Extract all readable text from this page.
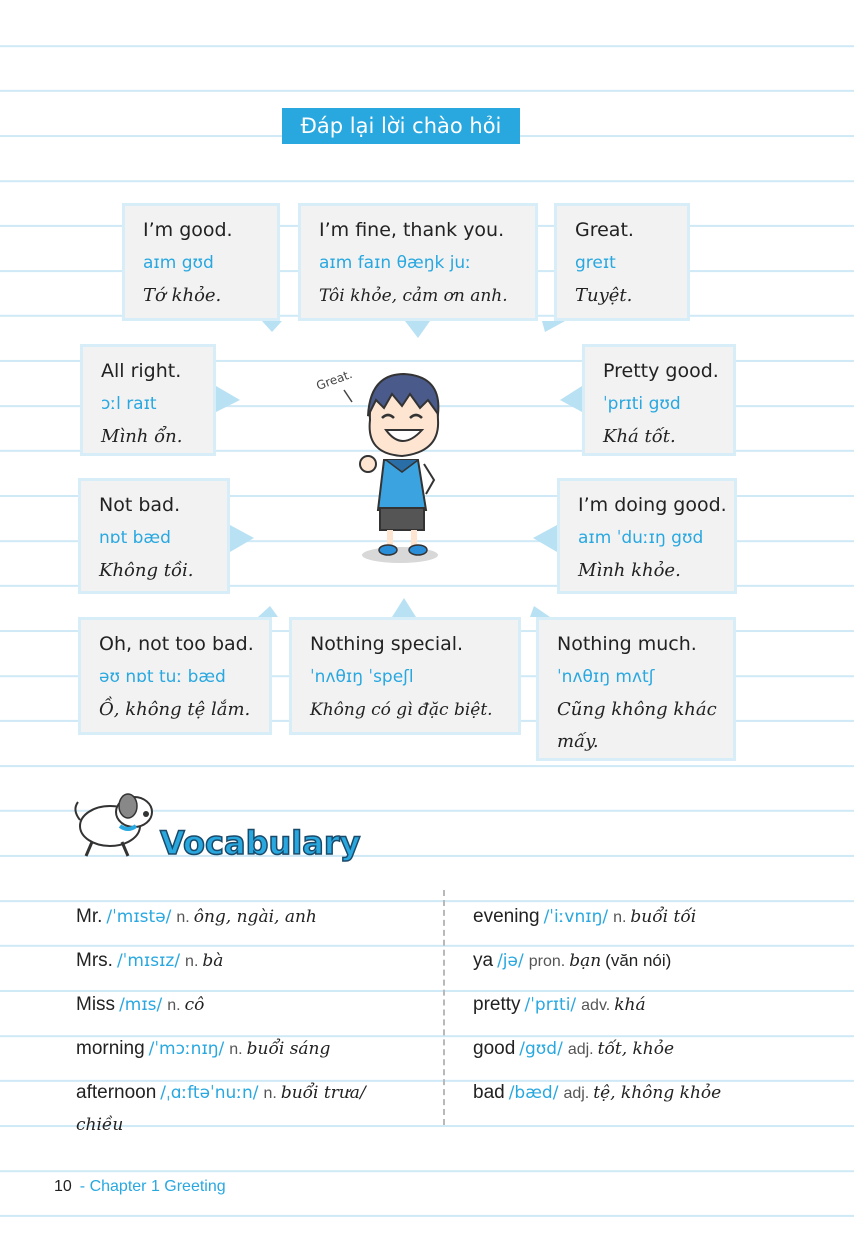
Đáp lại lời chào hỏi
I’m good.
aɪm gʊd
Tớ khỏe.
I’m fine, thank you.
aɪm faɪn θæŋk juː
Tôi khỏe, cảm ơn anh.
Great.
greɪt
Tuyệt.
All right.
ɔːl raɪt
Mình ổn.
Pretty good.
ˈprɪti gʊd
Khá tốt.
Not bad.
nɒt bæd
Không tồi.
I’m doing good.
aɪm ˈduːɪŋ gʊd
Mình khỏe.
Oh, not too bad.
əʊ nɒt tuː bæd
Ồ, không tệ lắm.
Nothing special.
ˈnʌθɪŋ ˈspeʃl
Không có gì đặc biệt.
Nothing much.
ˈnʌθɪŋ mʌtʃ
Cũng không khác mấy.
Great.
Vocabulary
Mr. /ˈmɪstə/ n. ông, ngài, anh
Mrs. /ˈmɪsɪz/ n. bà
Miss /mɪs/ n. cô
morning /ˈmɔːnɪŋ/ n. buổi sáng
afternoon /ˌɑːftəˈnuːn/ n. buổi trưa/
chiều
evening /ˈiːvnɪŋ/ n. buổi tối
ya /jə/ pron. bạn (văn nói)
pretty /ˈprɪti/ adv. khá
good /gʊd/ adj. tốt, khỏe
bad /bæd/ adj. tệ, không khỏe
10 - Chapter 1 Greeting
